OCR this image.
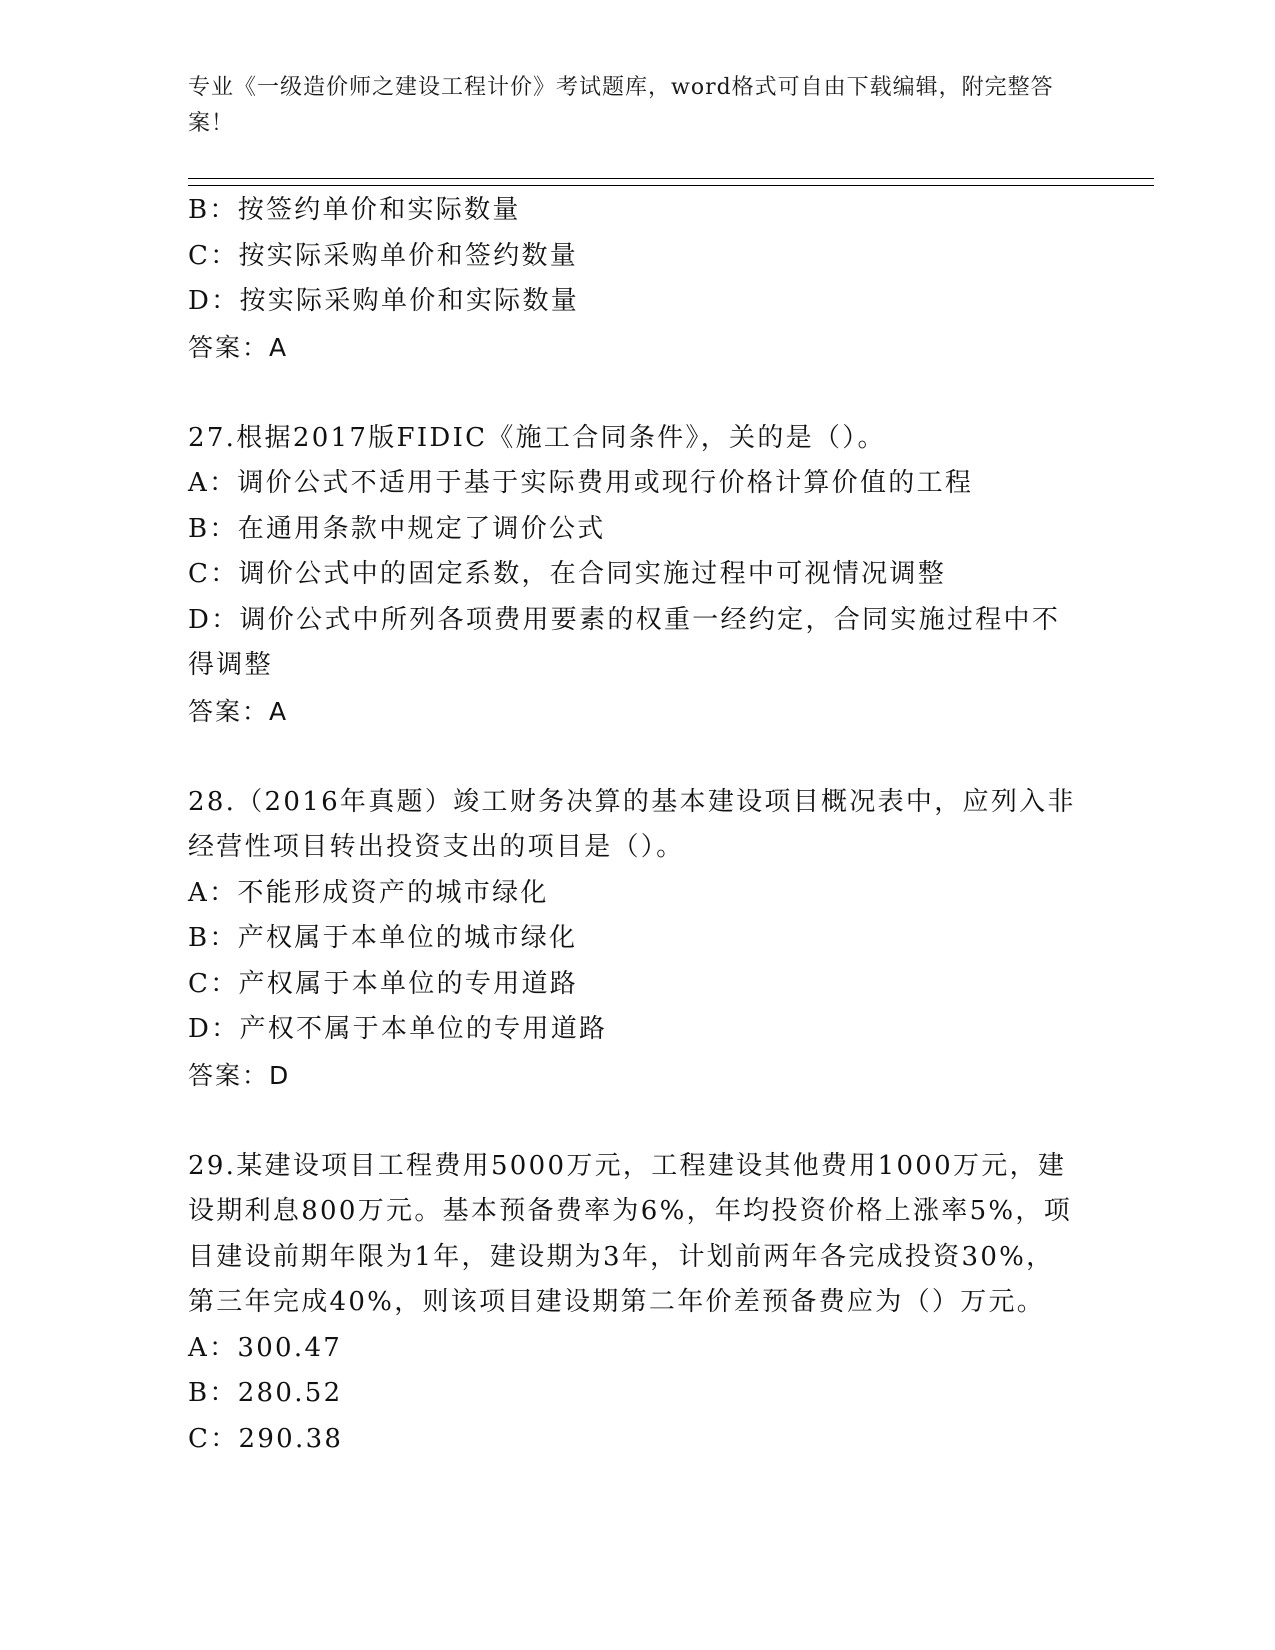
专业《一级造价师之建设工程计价》考试题库，word格式可自由下载编辑，附完整答案！
B：按签约单价和实际数量
C：按实际采购单价和签约数量
D：按实际采购单价和实际数量
答案：A
27.根据2017版FIDIC《施工合同条件》，关的是（）。
A：调价公式不适用于基于实际费用或现行价格计算价值的工程
B：在通用条款中规定了调价公式
C：调价公式中的固定系数，在合同实施过程中可视情况调整
D：调价公式中所列各项费用要素的权重一经约定，合同实施过程中不得调整
答案：A
28.（2016年真题）竣工财务决算的基本建设项目概况表中，应列入非经营性项目转出投资支出的项目是（）。
A：不能形成资产的城市绿化
B：产权属于本单位的城市绿化
C：产权属于本单位的专用道路
D：产权不属于本单位的专用道路
答案：D
29.某建设项目工程费用5000万元，工程建设其他费用1000万元，建设期利息800万元。基本预备费率为6%，年均投资价格上涨率5%，项目建设前期年限为1年，建设期为3年，计划前两年各完成投资30%，第三年完成40%，则该项目建设期第二年价差预备费应为（）万元。
A：300.47
B：280.52
C：290.38
